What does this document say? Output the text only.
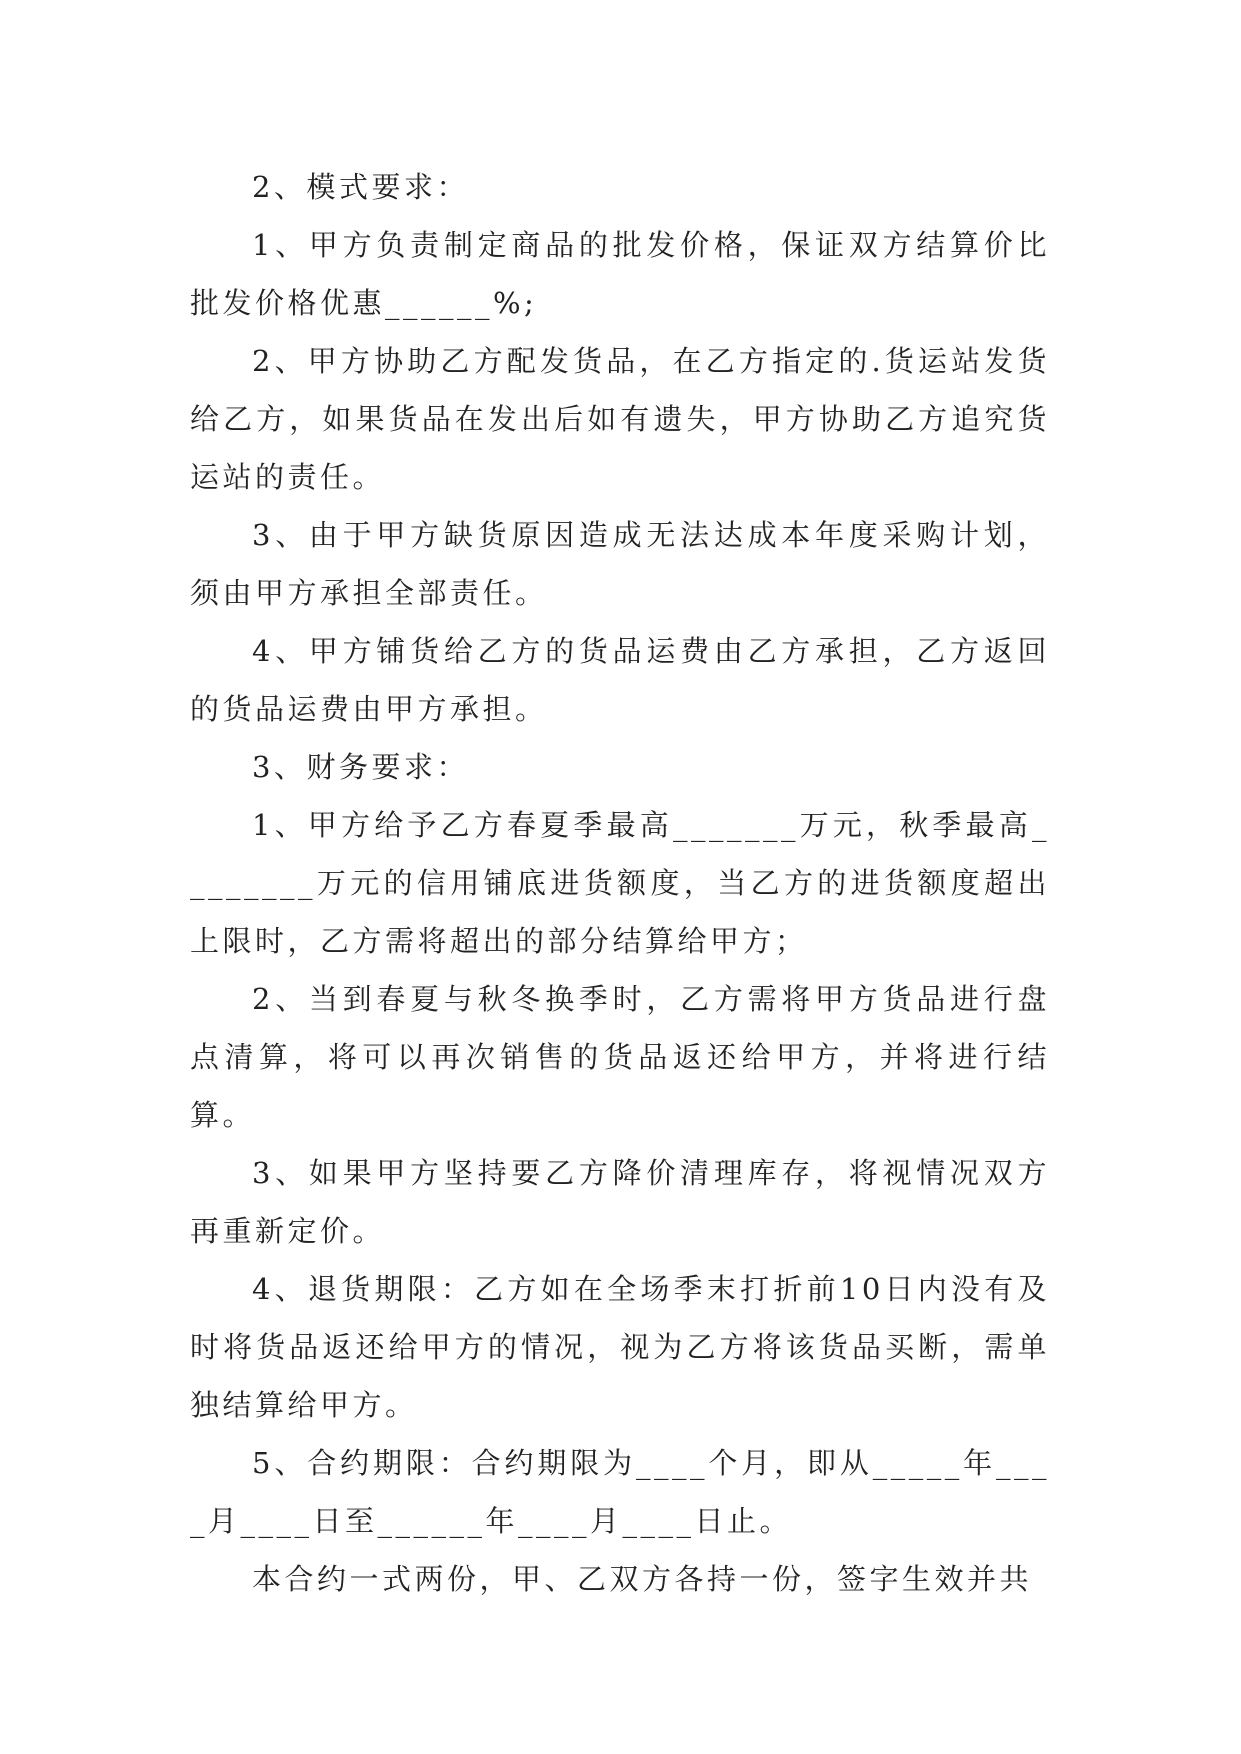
2、模式要求：

1、甲方负责制定商品的批发价格，保证双方结算价比批发价格优惠______%;

2、甲方协助乙方配发货品，在乙方指定的.货运站发货给乙方，如果货品在发出后如有遗失，甲方协助乙方追究货运站的责任。

3、由于甲方缺货原因造成无法达成本年度采购计划，须由甲方承担全部责任。

4、甲方铺货给乙方的货品运费由乙方承担，乙方返回的货品运费由甲方承担。

3、财务要求：

1、甲方给予乙方春夏季最高_______万元，秋季最高________万元的信用铺底进货额度，当乙方的进货额度超出上限时，乙方需将超出的部分结算给甲方；

2、当到春夏与秋冬换季时，乙方需将甲方货品进行盘点清算，将可以再次销售的货品返还给甲方，并将进行结算。

3、如果甲方坚持要乙方降价清理库存，将视情况双方再重新定价。

4、退货期限：乙方如在全场季末打折前10日内没有及时将货品返还给甲方的情况，视为乙方将该货品买断，需单独结算给甲方。

5、合约期限：合约期限为____个月，即从_____年____月____日至______年____月____日止。

本合约一式两份，甲、乙双方各持一份，签字生效并共
